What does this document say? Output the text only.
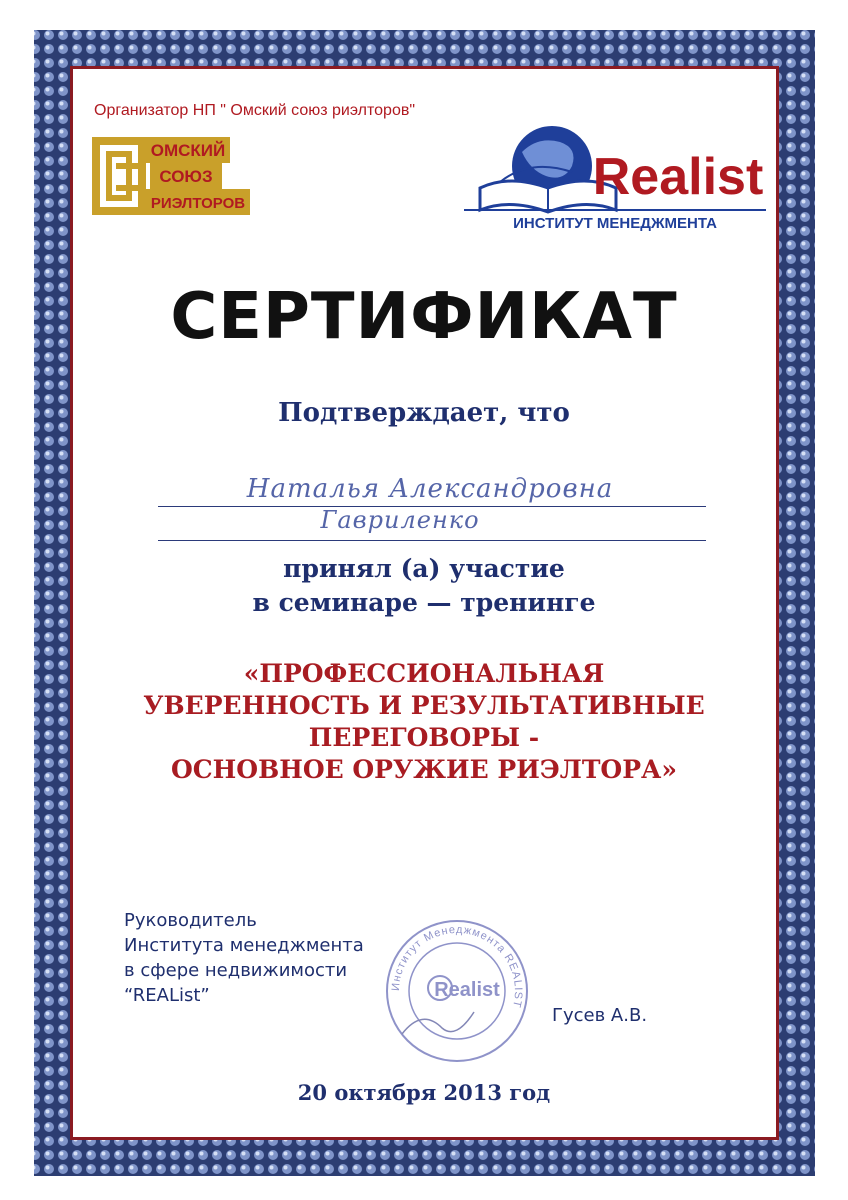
Организатор НП " Омский союз риэлторов"
ОМСКИЙ
СОЮЗ
РИЭЛТОРОВ	Realist
ИНСТИТУТ МЕНЕДЖМЕНТА
СЕРТИФИКАТ
Подтверждает, что
Наталья Александровна
Гавриленко
принял (а) участие
в семинаре — тренинге
«ПРОФЕССИОНАЛЬНАЯ
УВЕРЕННОСТЬ И РЕЗУЛЬТАТИВНЫЕ
ПЕРЕГОВОРЫ -
ОСНОВНОЕ ОРУЖИЕ РИЭЛТОРА»
Руководитель
Института менеджмента
в сфере недвижимости
“REAList”	Институт Менеджмента REALIST
Realist
Гусев А.В.
20 октября 2013 год
